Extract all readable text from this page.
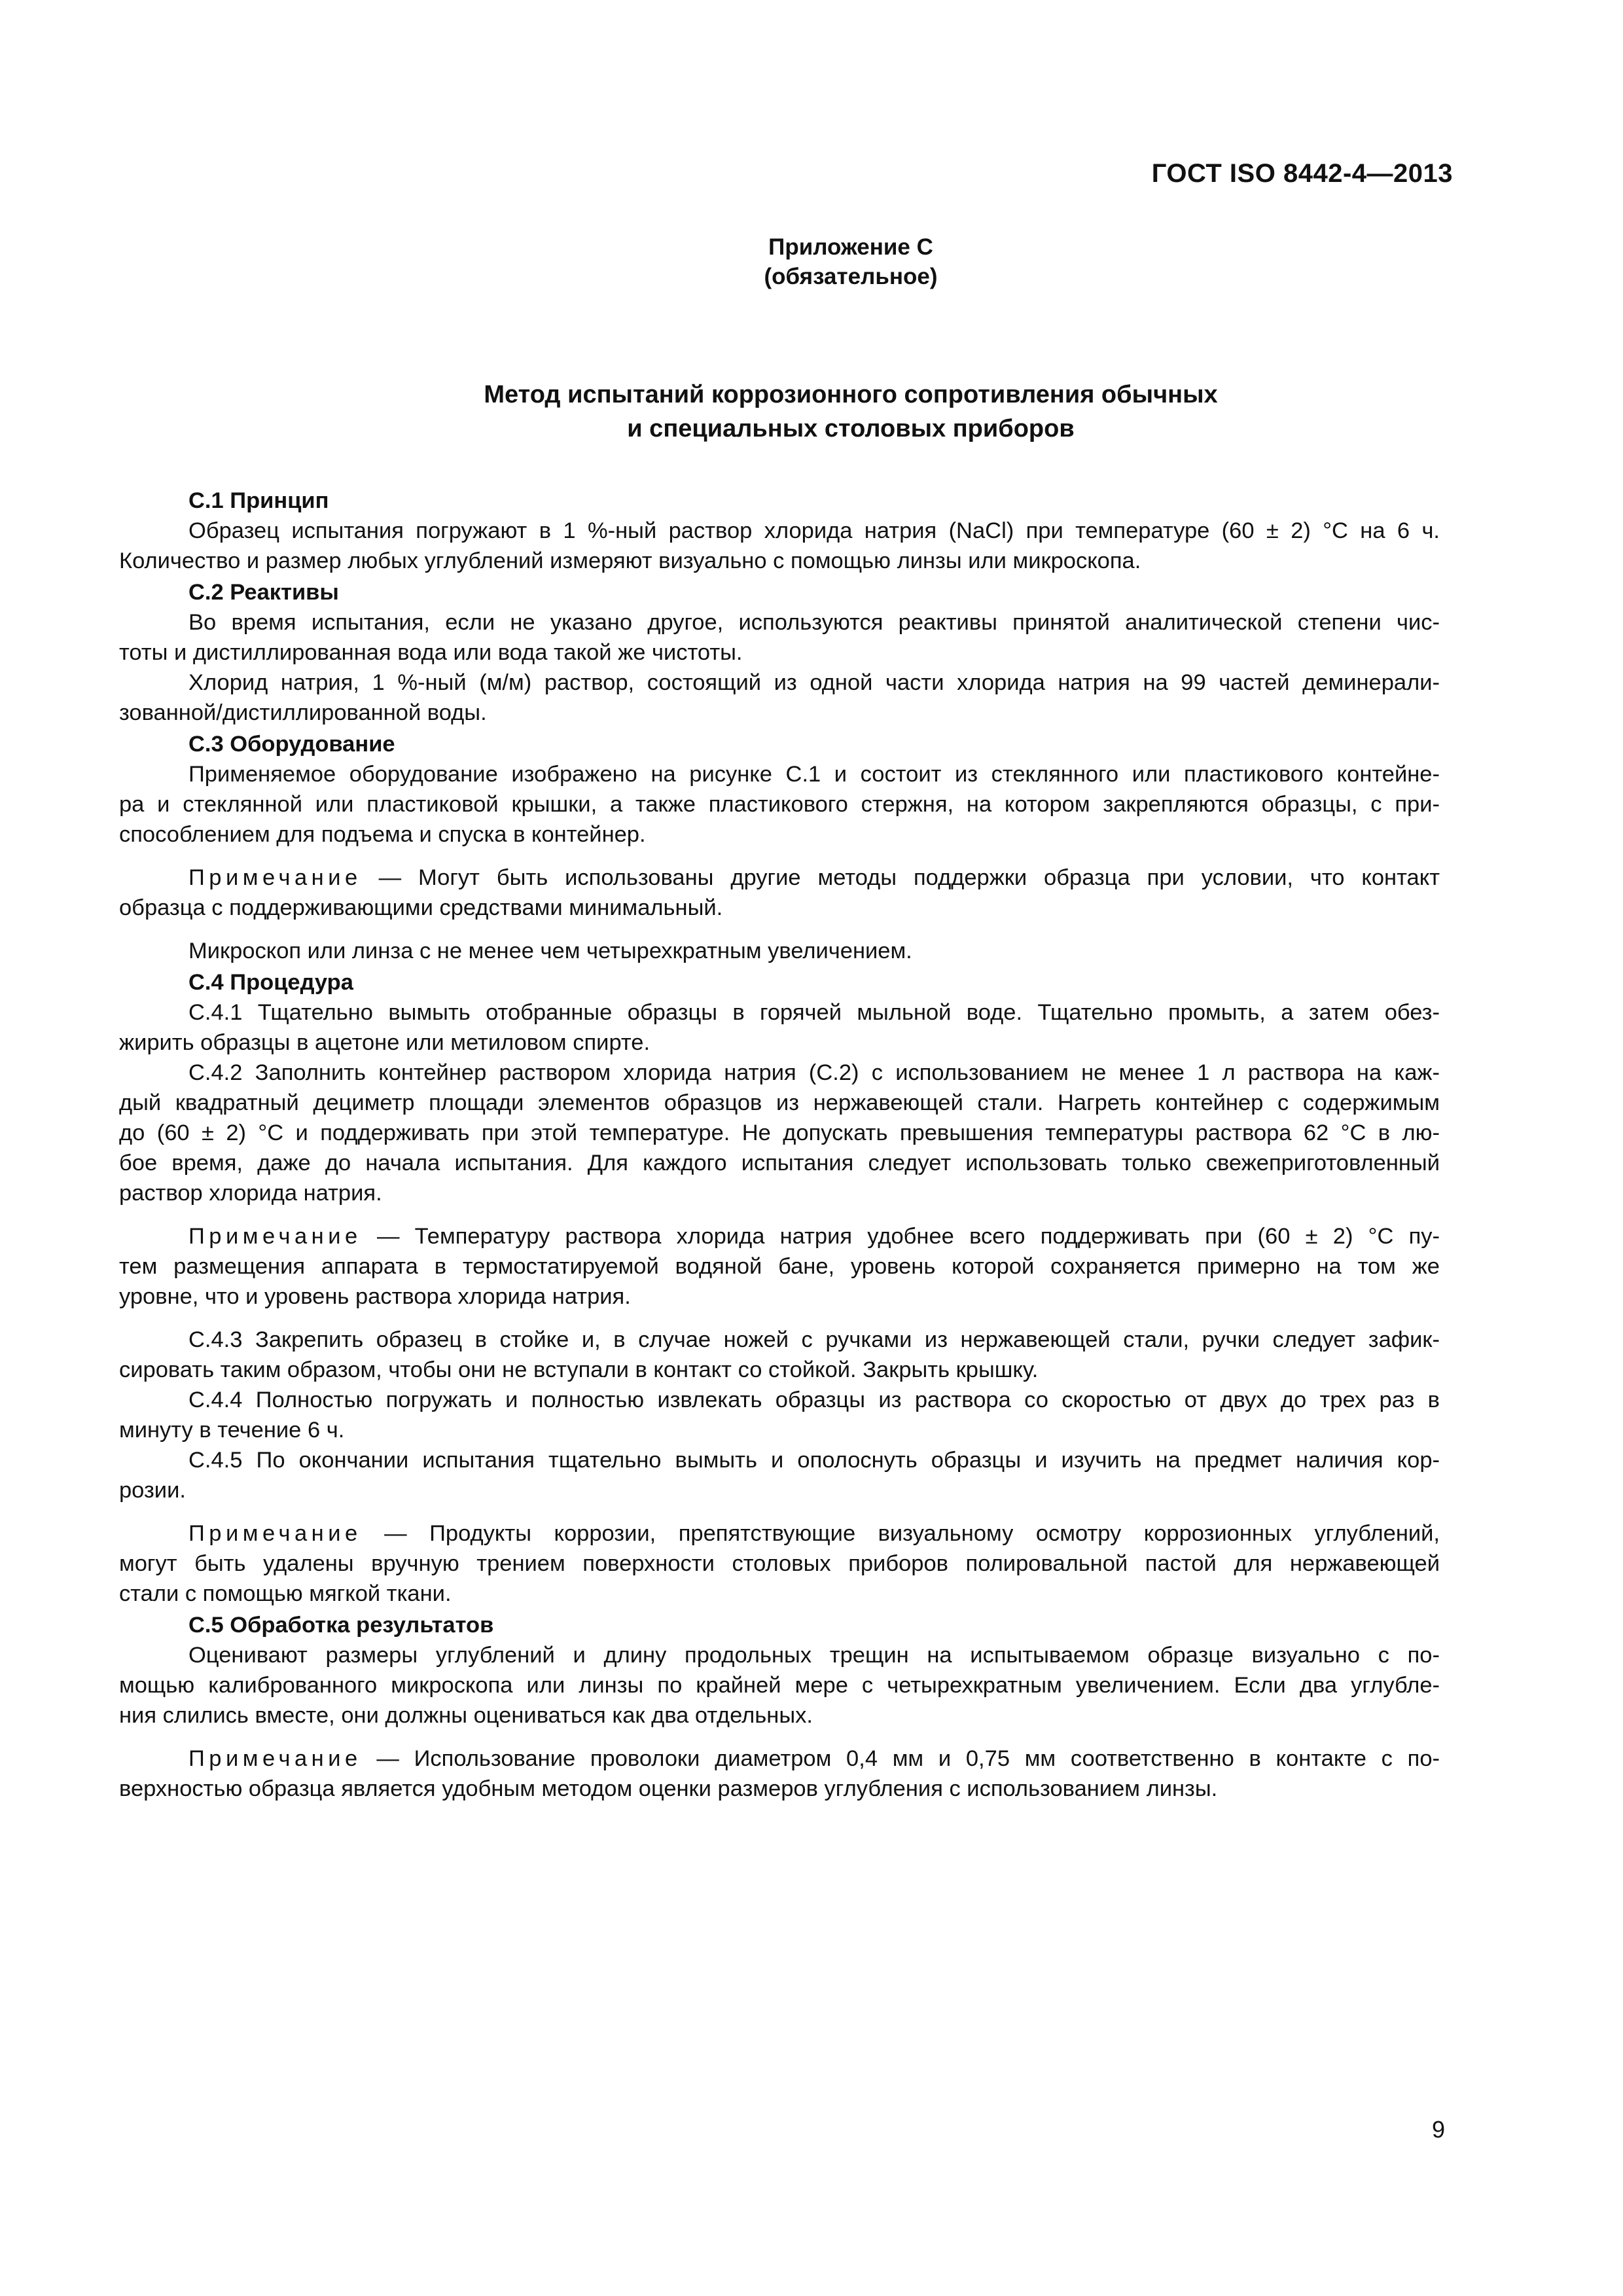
ГОСТ ISO 8442-4—2013
Приложение С
(обязательное)
Метод испытаний коррозионного сопротивления обычных
и специальных столовых приборов
С.1 Принцип
Образец испытания погружают в 1 %-ный раствор хлорида натрия (NaCl) при температуре (60 ± 2) °С на 6 ч.
Количество и размер любых углублений измеряют визуально с помощью линзы или микроскопа.
С.2 Реактивы
Во время испытания, если не указано другое, используются реактивы принятой аналитической степени чис-
тоты и дистиллированная вода или вода такой же чистоты.
Хлорид натрия, 1 %-ный (м/м) раствор, состоящий из одной части хлорида натрия на 99 частей деминерали-
зованной/дистиллированной воды.
С.3 Оборудование
Применяемое оборудование изображено на рисунке С.1 и состоит из стеклянного или пластикового контейне-
ра и стеклянной или пластиковой крышки, а также пластикового стержня, на котором закрепляются образцы, с при-
способлением для подъема и спуска в контейнер.
Примечание — Могут быть использованы другие методы поддержки образца при условии, что контакт
образца с поддерживающими средствами минимальный.
Микроскоп или линза с не менее чем четырехкратным увеличением.
С.4 Процедура
С.4.1 Тщательно вымыть отобранные образцы в горячей мыльной воде. Тщательно промыть, а затем обез-
жирить образцы в ацетоне или метиловом спирте.
С.4.2 Заполнить контейнер раствором хлорида натрия (С.2) с использованием не менее 1 л раствора на каж-
дый квадратный дециметр площади элементов образцов из нержавеющей стали. Нагреть контейнер с содержимым
до (60 ± 2) °С и поддерживать при этой температуре. Не допускать превышения температуры раствора 62 °С в лю-
бое время, даже до начала испытания. Для каждого испытания следует использовать только свежеприготовленный
раствор хлорида натрия.
Примечание — Температуру раствора хлорида натрия удобнее всего поддерживать при (60 ± 2) °С пу-
тем размещения аппарата в термостатируемой водяной бане, уровень которой сохраняется примерно на том же
уровне, что и уровень раствора хлорида натрия.
С.4.3 Закрепить образец в стойке и, в случае ножей с ручками из нержавеющей стали, ручки следует зафик-
сировать таким образом, чтобы они не вступали в контакт со стойкой. Закрыть крышку.
С.4.4 Полностью погружать и полностью извлекать образцы из раствора со скоростью от двух до трех раз в
минуту в течение 6 ч.
С.4.5 По окончании испытания тщательно вымыть и ополоснуть образцы и изучить на предмет наличия кор-
розии.
Примечание — Продукты коррозии, препятствующие визуальному осмотру коррозионных углублений,
могут быть удалены вручную трением поверхности столовых приборов полировальной пастой для нержавеющей
стали с помощью мягкой ткани.
С.5 Обработка результатов
Оценивают размеры углублений и длину продольных трещин на испытываемом образце визуально с по-
мощью калиброванного микроскопа или линзы по крайней мере с четырехкратным увеличением. Если два углубле-
ния слились вместе, они должны оцениваться как два отдельных.
Примечание — Использование проволоки диаметром 0,4 мм и 0,75 мм соответственно в контакте с по-
верхностью образца является удобным методом оценки размеров углубления с использованием линзы.
9
